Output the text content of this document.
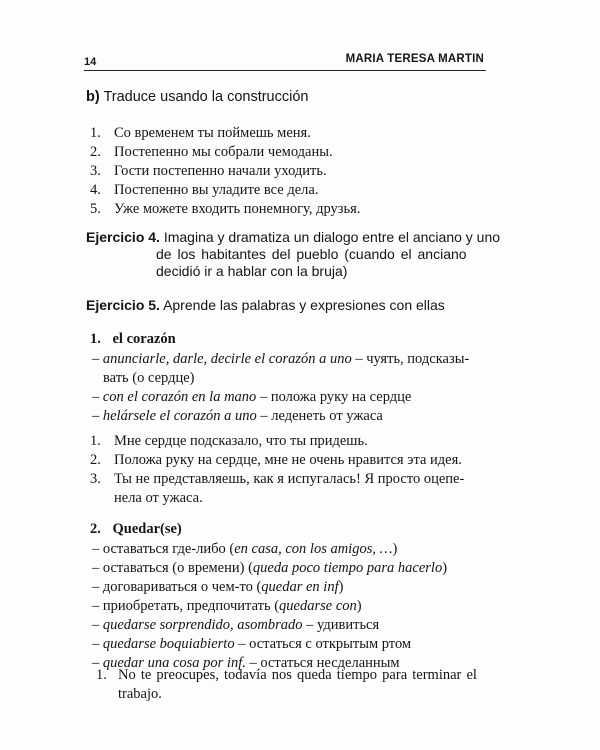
14	MARIA TERESA MARTIN
b) Traduce usando la construcción
1. Со временем ты поймешь меня.
2. Постепенно мы собрали чемоданы.
3. Гости постепенно начали уходить.
4. Постепенно вы уладите все дела.
5. Уже можете входить понемногу, друзья.
Ejercicio 4. Imagina y dramatiza un dialogo entre el anciano y uno
de los habitantes del pueblo (cuando el anciano
decidió ir a hablar con la bruja)
Ejercicio 5. Aprende las palabras y expresiones con ellas
1. el corazón
– anunciarle, darle, decirle el corazón a uno – чуять, подсказы-
вать (о сердце)
– con el corazón en la mano – положа руку на сердце
– helársele el corazón a uno – леденеть от ужаса
1. Мне сердце подсказало, что ты придешь.
2. Положа руку на сердце, мне не очень нравится эта идея.
3. Ты не представляешь, как я испугалась! Я просто оцепе-
нела от ужаса.
2. Quedar(se)
– оставаться где-либо (en casa, con los amigos, …)
– оставаться (о времени) (queda poco tiempo para hacerlo)
– договариваться о чем-то (quedar en inf)
– приобретать, предпочитать (quedarse con)
– quedarse sorprendido, asombrado – удивиться
– quedarse boquiabierto – остаться с открытым ртом
– quedar una cosa por inf. – остаться несделанным
1. No te preocupes, todavía nos queda tiempo para terminar el
trabajo.
